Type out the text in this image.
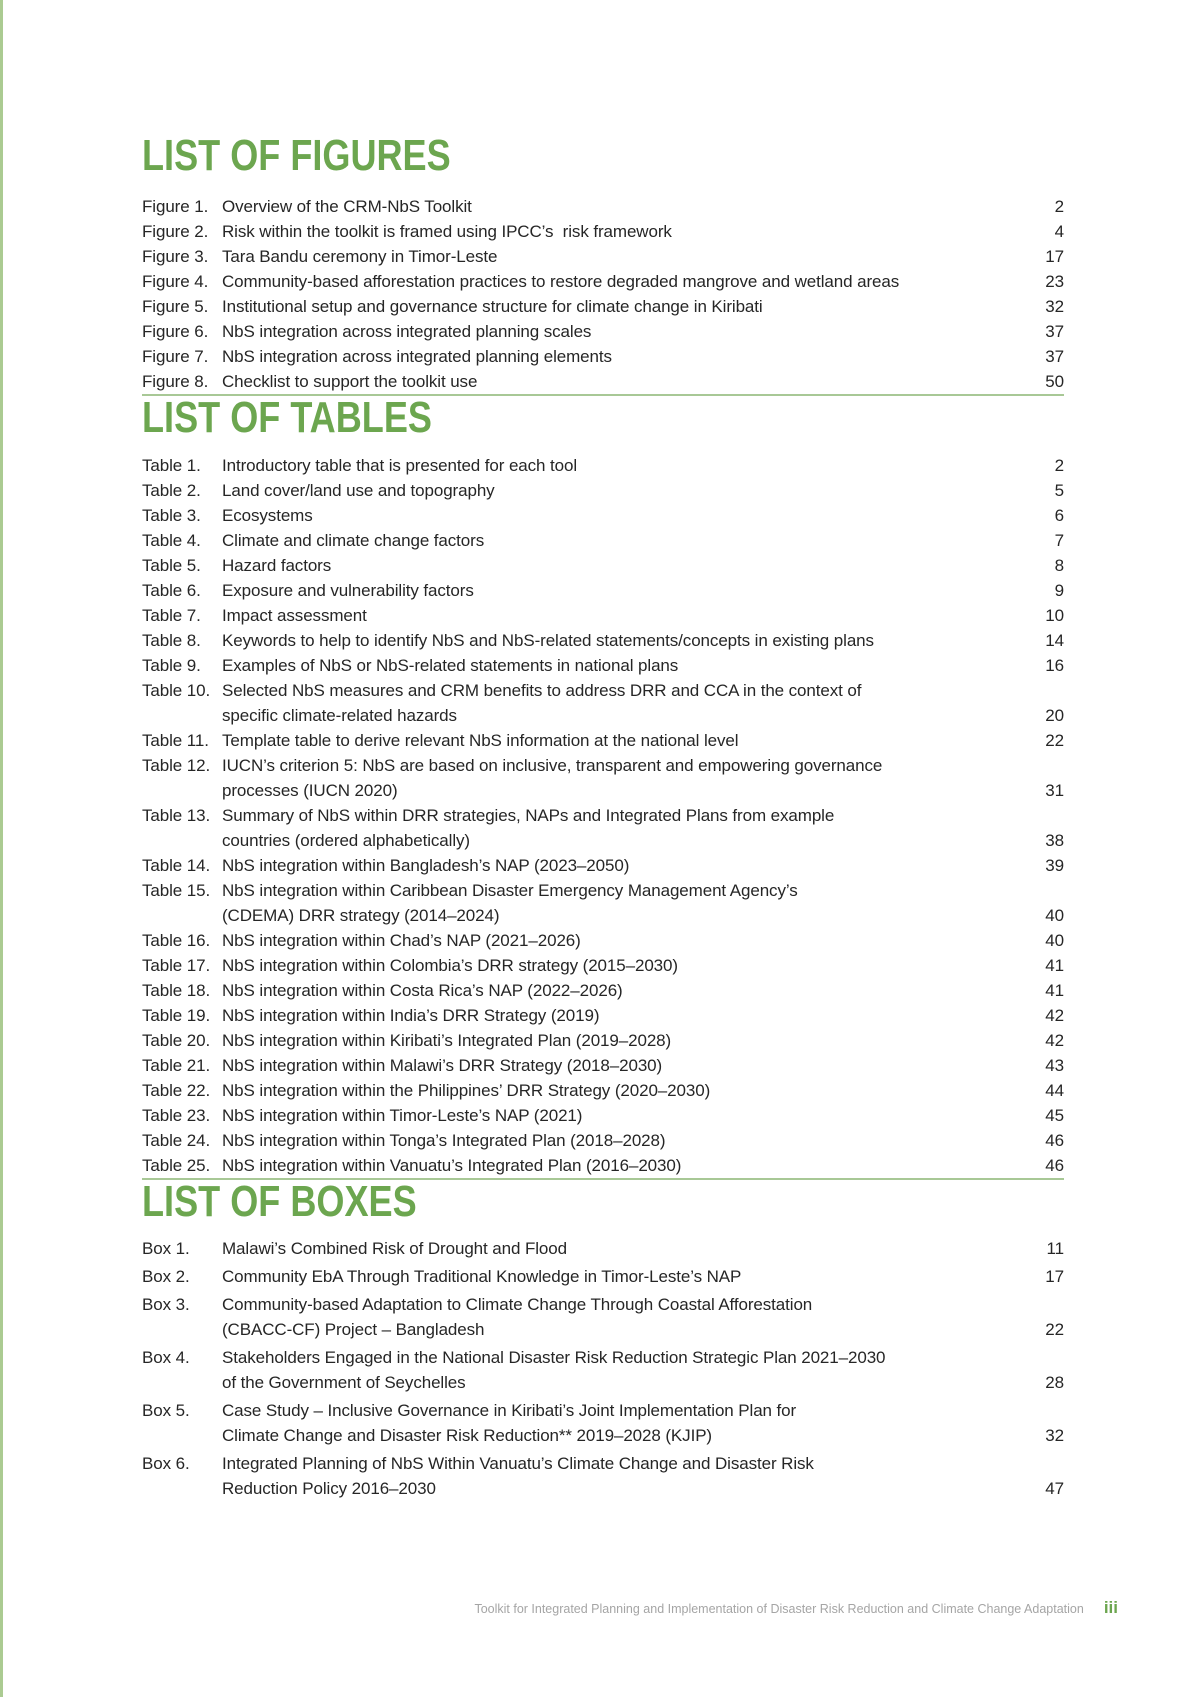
LIST OF FIGURES
Figure 1. Overview of the CRM-NbS Toolkit	2
Figure 2. Risk within the toolkit is framed using IPCC’s  risk framework	4
Figure 3. Tara Bandu ceremony in Timor-Leste	17
Figure 4. Community-based afforestation practices to restore degraded mangrove and wetland areas	23
Figure 5. Institutional setup and governance structure for climate change in Kiribati	32
Figure 6. NbS integration across integrated planning scales	37
Figure 7. NbS integration across integrated planning elements	37
Figure 8. Checklist to support the toolkit use	50
LIST OF TABLES
Table 1.	Introductory table that is presented for each tool	2
Table 2.	Land cover/land use and topography	5
Table 3.	Ecosystems	6
Table 4.	Climate and climate change factors	7
Table 5.	Hazard factors	8
Table 6.	Exposure and vulnerability factors	9
Table 7.	Impact assessment	10
Table 8.	Keywords to help to identify NbS and NbS-related statements/concepts in existing plans	14
Table 9.	Examples of NbS or NbS-related statements in national plans	16
Table 10. Selected NbS measures and CRM benefits to address DRR and CCA in the context of
specific climate-related hazards	20
Table 11. Template table to derive relevant NbS information at the national level	22
Table 12. IUCN’s criterion 5: NbS are based on inclusive, transparent and empowering governance
processes (IUCN 2020)	31
Table 13. Summary of NbS within DRR strategies, NAPs and Integrated Plans from example
countries (ordered alphabetically)	38
Table 14. NbS integration within Bangladesh’s NAP (2023–2050)	39
Table 15. NbS integration within Caribbean Disaster Emergency Management Agency’s
(CDEMA) DRR strategy (2014–2024)	40
Table 16. NbS integration within Chad’s NAP (2021–2026)	40
Table 17. NbS integration within Colombia’s DRR strategy (2015–2030)	41
Table 18. NbS integration within Costa Rica’s NAP (2022–2026)	41
Table 19. NbS integration within India’s DRR Strategy (2019)	42
Table 20. NbS integration within Kiribati’s Integrated Plan (2019–2028)	42
Table 21. NbS integration within Malawi’s DRR Strategy (2018–2030)	43
Table 22. NbS integration within the Philippines’ DRR Strategy (2020–2030)	44
Table 23. NbS integration within Timor-Leste’s NAP (2021)	45
Table 24. NbS integration within Tonga’s Integrated Plan (2018–2028)	46
Table 25. NbS integration within Vanuatu’s Integrated Plan (2016–2030)	46
LIST OF BOXES
Box 1.	Malawi’s Combined Risk of Drought and Flood	11
Box 2.	Community EbA Through Traditional Knowledge in Timor-Leste’s NAP	17
Box 3.	Community-based Adaptation to Climate Change Through Coastal Afforestation
(CBACC-CF) Project – Bangladesh	22
Box 4.	Stakeholders Engaged in the National Disaster Risk Reduction Strategic Plan 2021–2030
of the Government of Seychelles	28
Box 5.	Case Study – Inclusive Governance in Kiribati’s Joint Implementation Plan for
Climate Change and Disaster Risk Reduction** 2019–2028 (KJIP)	32
Box 6.	Integrated Planning of NbS Within Vanuatu’s Climate Change and Disaster Risk
Reduction Policy 2016–2030	47
Toolkit for Integrated Planning and Implementation of Disaster Risk Reduction and Climate Change Adaptation iii
